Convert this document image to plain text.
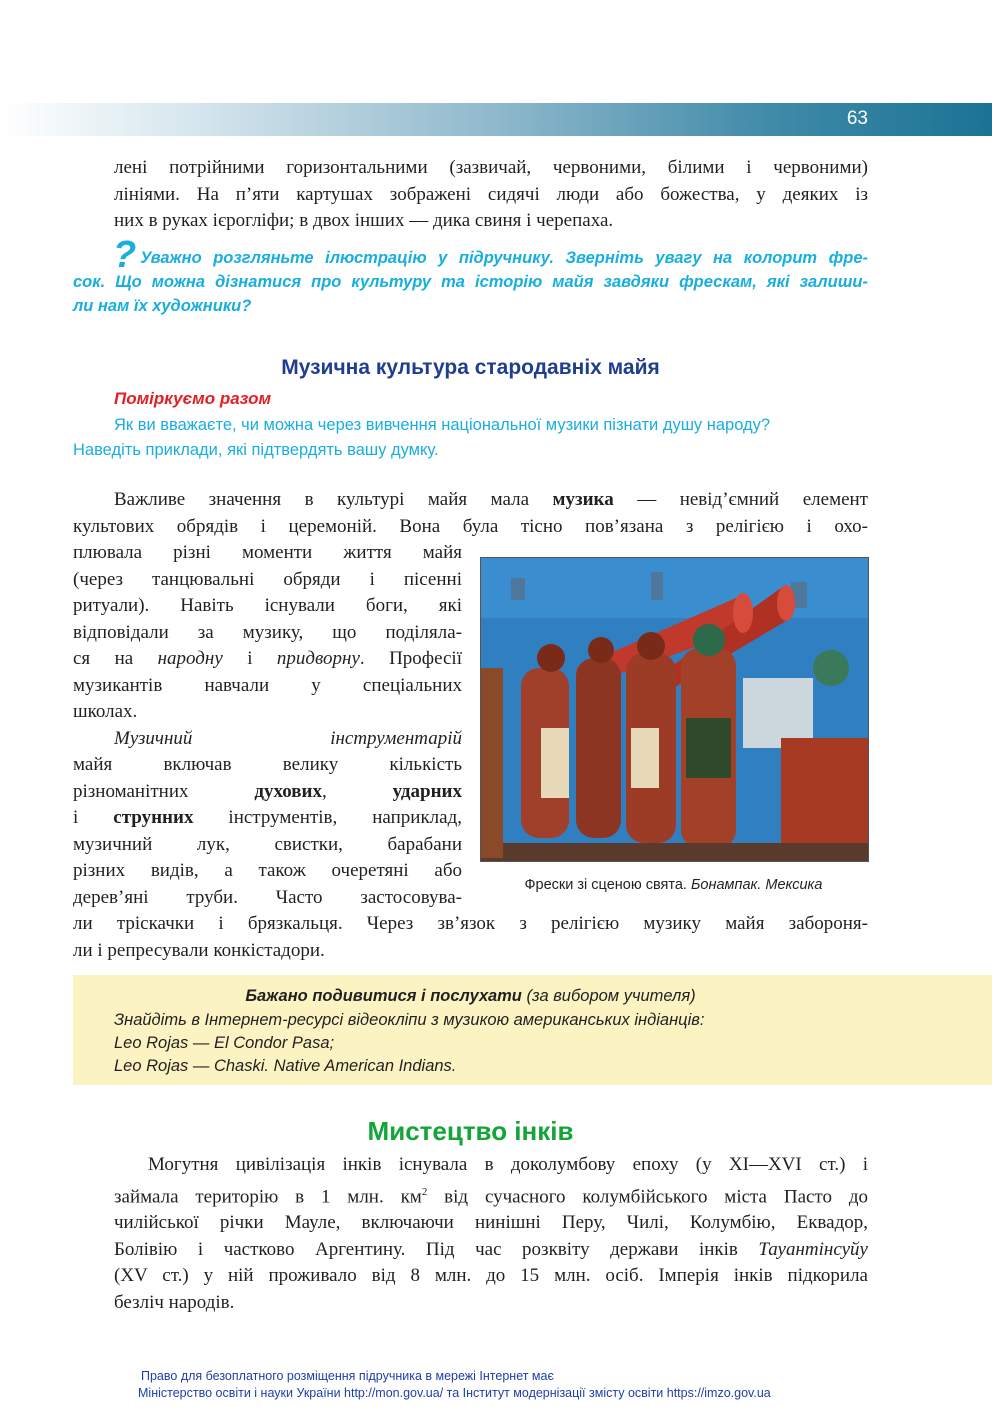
63
лені потрійними горизонтальними (зазвичай, червоними, білими і червоними)
лініями. На п’яти картушах зображені сидячі люди або божества, у деяких із
них в руках ієрогліфи; в двох інших — дика свиня і черепаха.
? Уважно розгляньте ілюстрацію у підручнику. Зверніть увагу на колорит фре-
сок. Що можна дізнатися про культуру та історію майя завдяки фрескам, які залиши-
ли нам їх художники?
Музична культура стародавніх майя
Поміркуємо разом
Як ви вважаєте, чи можна через вивчення національної музики пізнати душу народу?
Наведіть приклади, які підтвердять вашу думку.
Важливе значення в культурі майя мала музика — невід’ємний елемент
культових обрядів і церемоній. Вона була тісно пов’язана з релігією і охо-
плювала різні моменти життя майя
(через танцювальні обряди і пісенні
ритуали). Навіть існували боги, які
відповідали за музику, що поділяла-
ся на народну і придворну. Професії
музикантів навчали у спеціальних
школах.
Музичний	інструментарій
майя включав велику кількість
різноманітних	духових,	ударних
і струнних інструментів, наприклад,
музичний лук, свистки, барабани
різних видів, а також очеретяні або
дерев’яні труби. Часто застосовува-
ли тріскачки і брязкальця. Через зв’язок з релігією музику майя забороня-
ли і репресували конкістадори.
Фрески зі сценою свята. Бонампак. Мексика
Бажано подивитися і послухати (за вибором учителя)
Знайдіть в Інтернет-ресурсі відеокліпи з музикою американських індіанців:
Leo Rojas — El Condor Pasa;
Leo Rojas — Chaski. Native American Indians.
Мистецтво інків
Могутня цивілізація інків існувала в доколумбову епоху (у XI—XVI ст.) і
займала територію в 1 млн. $км^2$ від сучасного колумбійського міста Пасто до
чилійської річки Мауле, включаючи нинішні Перу, Чилі, Колумбію, Еквадор,
Болівію і частково Аргентину. Під час розквіту держави інків Тауантінсуйу
(XV ст.) у ній проживало від 8 млн. до 15 млн. осіб. Імперія інків підкорила
безліч народів.
Право для безоплатного розміщення підручника в мережі Інтернет має
Міністерство освіти і науки України http://mon.gov.ua/ та Інститут модернізації змісту освіти https://imzo.gov.ua
